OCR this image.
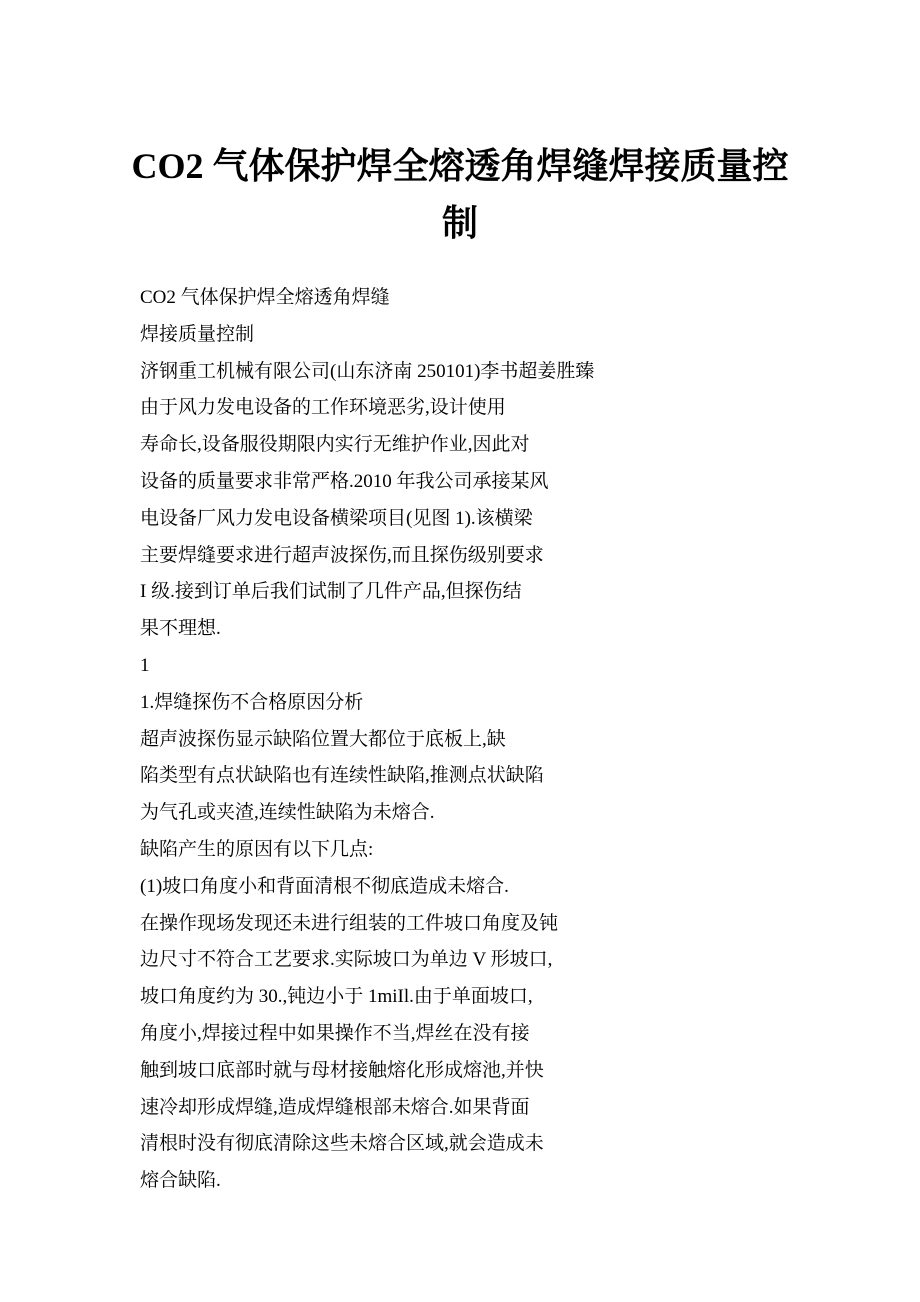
CO2 气体保护焊全熔透角焊缝焊接质量控
制

CO2 气体保护焊全熔透角焊缝

焊接质量控制

济钢重工机械有限公司(山东济南 250101)李书超姜胜臻

由于风力发电设备的工作环境恶劣,设计使用

寿命长,设备服役期限内实行无维护作业,因此对

设备的质量要求非常严格.2010 年我公司承接某风

电设备厂风力发电设备横梁项目(见图 1).该横梁

主要焊缝要求进行超声波探伤,而且探伤级别要求

I 级.接到订单后我们试制了几件产品,但探伤结

果不理想.

1

1.焊缝探伤不合格原因分析

超声波探伤显示缺陷位置大都位于底板上,缺

陷类型有点状缺陷也有连续性缺陷,推测点状缺陷

为气孔或夹渣,连续性缺陷为未熔合.

缺陷产生的原因有以下几点:

(1)坡口角度小和背面清根不彻底造成未熔合.

在操作现场发现还未进行组装的工件坡口角度及钝

边尺寸不符合工艺要求.实际坡口为单边 V 形坡口,

坡口角度约为 30.,钝边小于 1miIl.由于单面坡口,

角度小,焊接过程中如果操作不当,焊丝在没有接

触到坡口底部时就与母材接触熔化形成熔池,并快

速冷却形成焊缝,造成焊缝根部未熔合.如果背面

清根时没有彻底清除这些未熔合区域,就会造成未

熔合缺陷.
